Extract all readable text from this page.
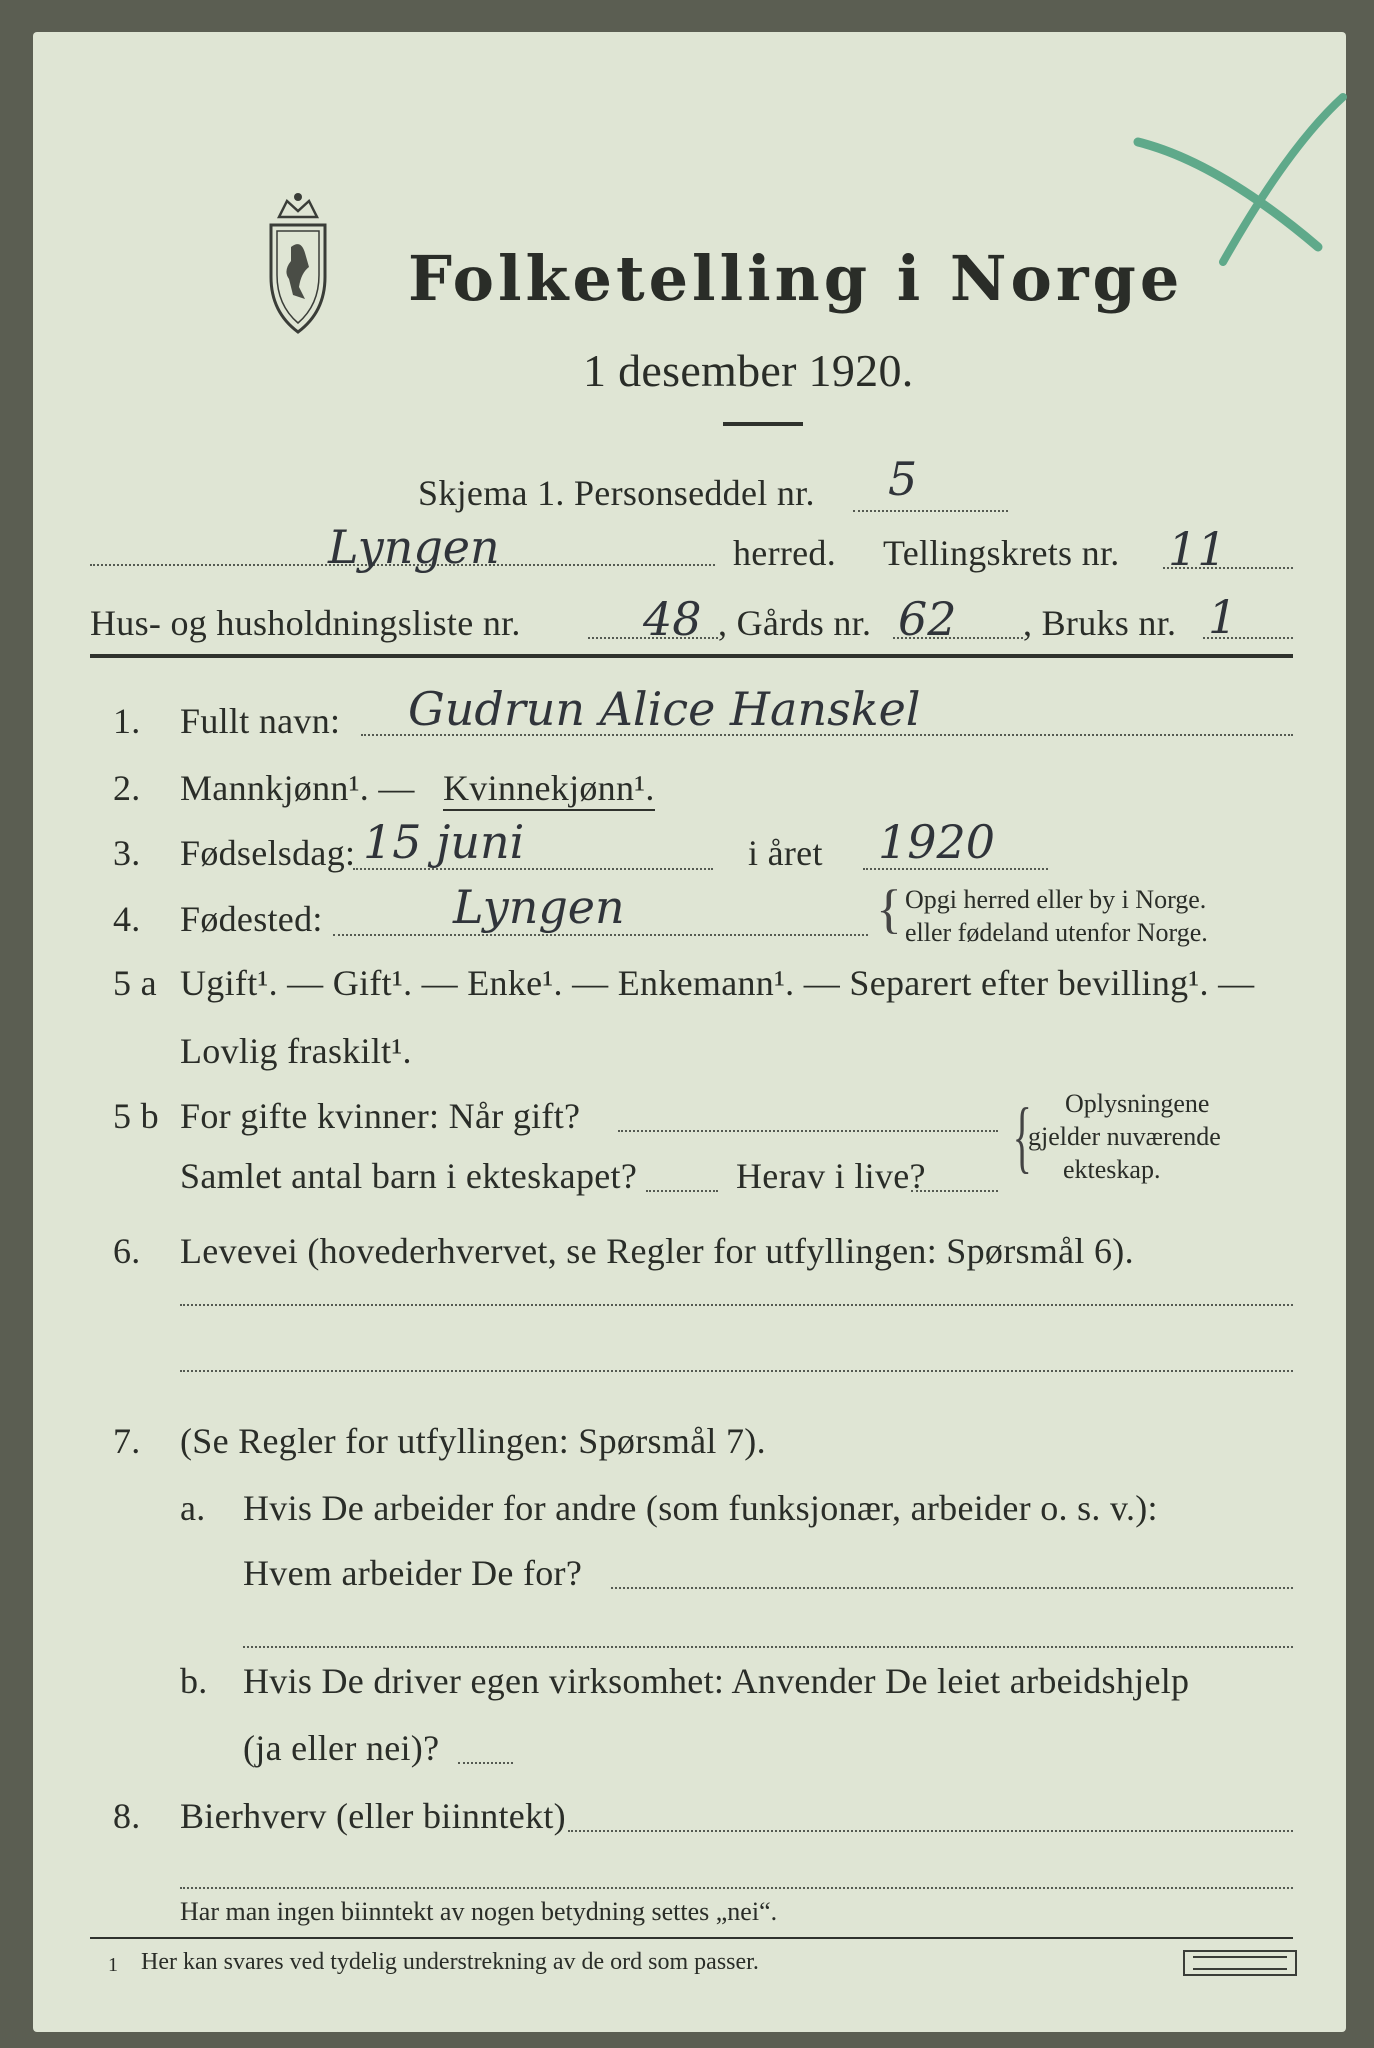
Folketelling i Norge
1 desember 1920.
Skjema 1. Personseddel nr. 5
Lyngen	herred. Tellingskrets nr. 11
Hus- og husholdningsliste nr.	48 , Gårds nr. 62 , Bruks nr. 1
1. Fullt navn: Gudrun Alice Hanskel
2. Mannkjønn¹. — Kvinnekjønn¹.
3. Fødselsdag: 15 juni	i året 1920
4. Fødested:	Lyngen	{ Opgi herred eller by i Norge.
eller fødeland utenfor Norge.
5 a Ugift¹. — Gift¹. — Enke¹. — Enkemann¹. — Separert efter bevilling¹. —
Lovlig fraskilt¹.
5 b For gifte kvinner: Når gift?
Samlet antal barn i ekteskapet?	Herav i live? { Oplysningene
gjelder nuværende
ekteskap.
6. Levevei (hovederhvervet, se Regler for utfyllingen: Spørsmål 6).
7. (Se Regler for utfyllingen: Spørsmål 7).
a. Hvis De arbeider for andre (som funksjonær, arbeider o. s. v.):
Hvem arbeider De for?
b. Hvis De driver egen virksomhet: Anvender De leiet arbeidshjelp
(ja eller nei)?
8. Bierhverv (eller biinntekt)
Har man ingen biinntekt av nogen betydning settes „nei“.
1 Her kan svares ved tydelig understrekning av de ord som passer.
